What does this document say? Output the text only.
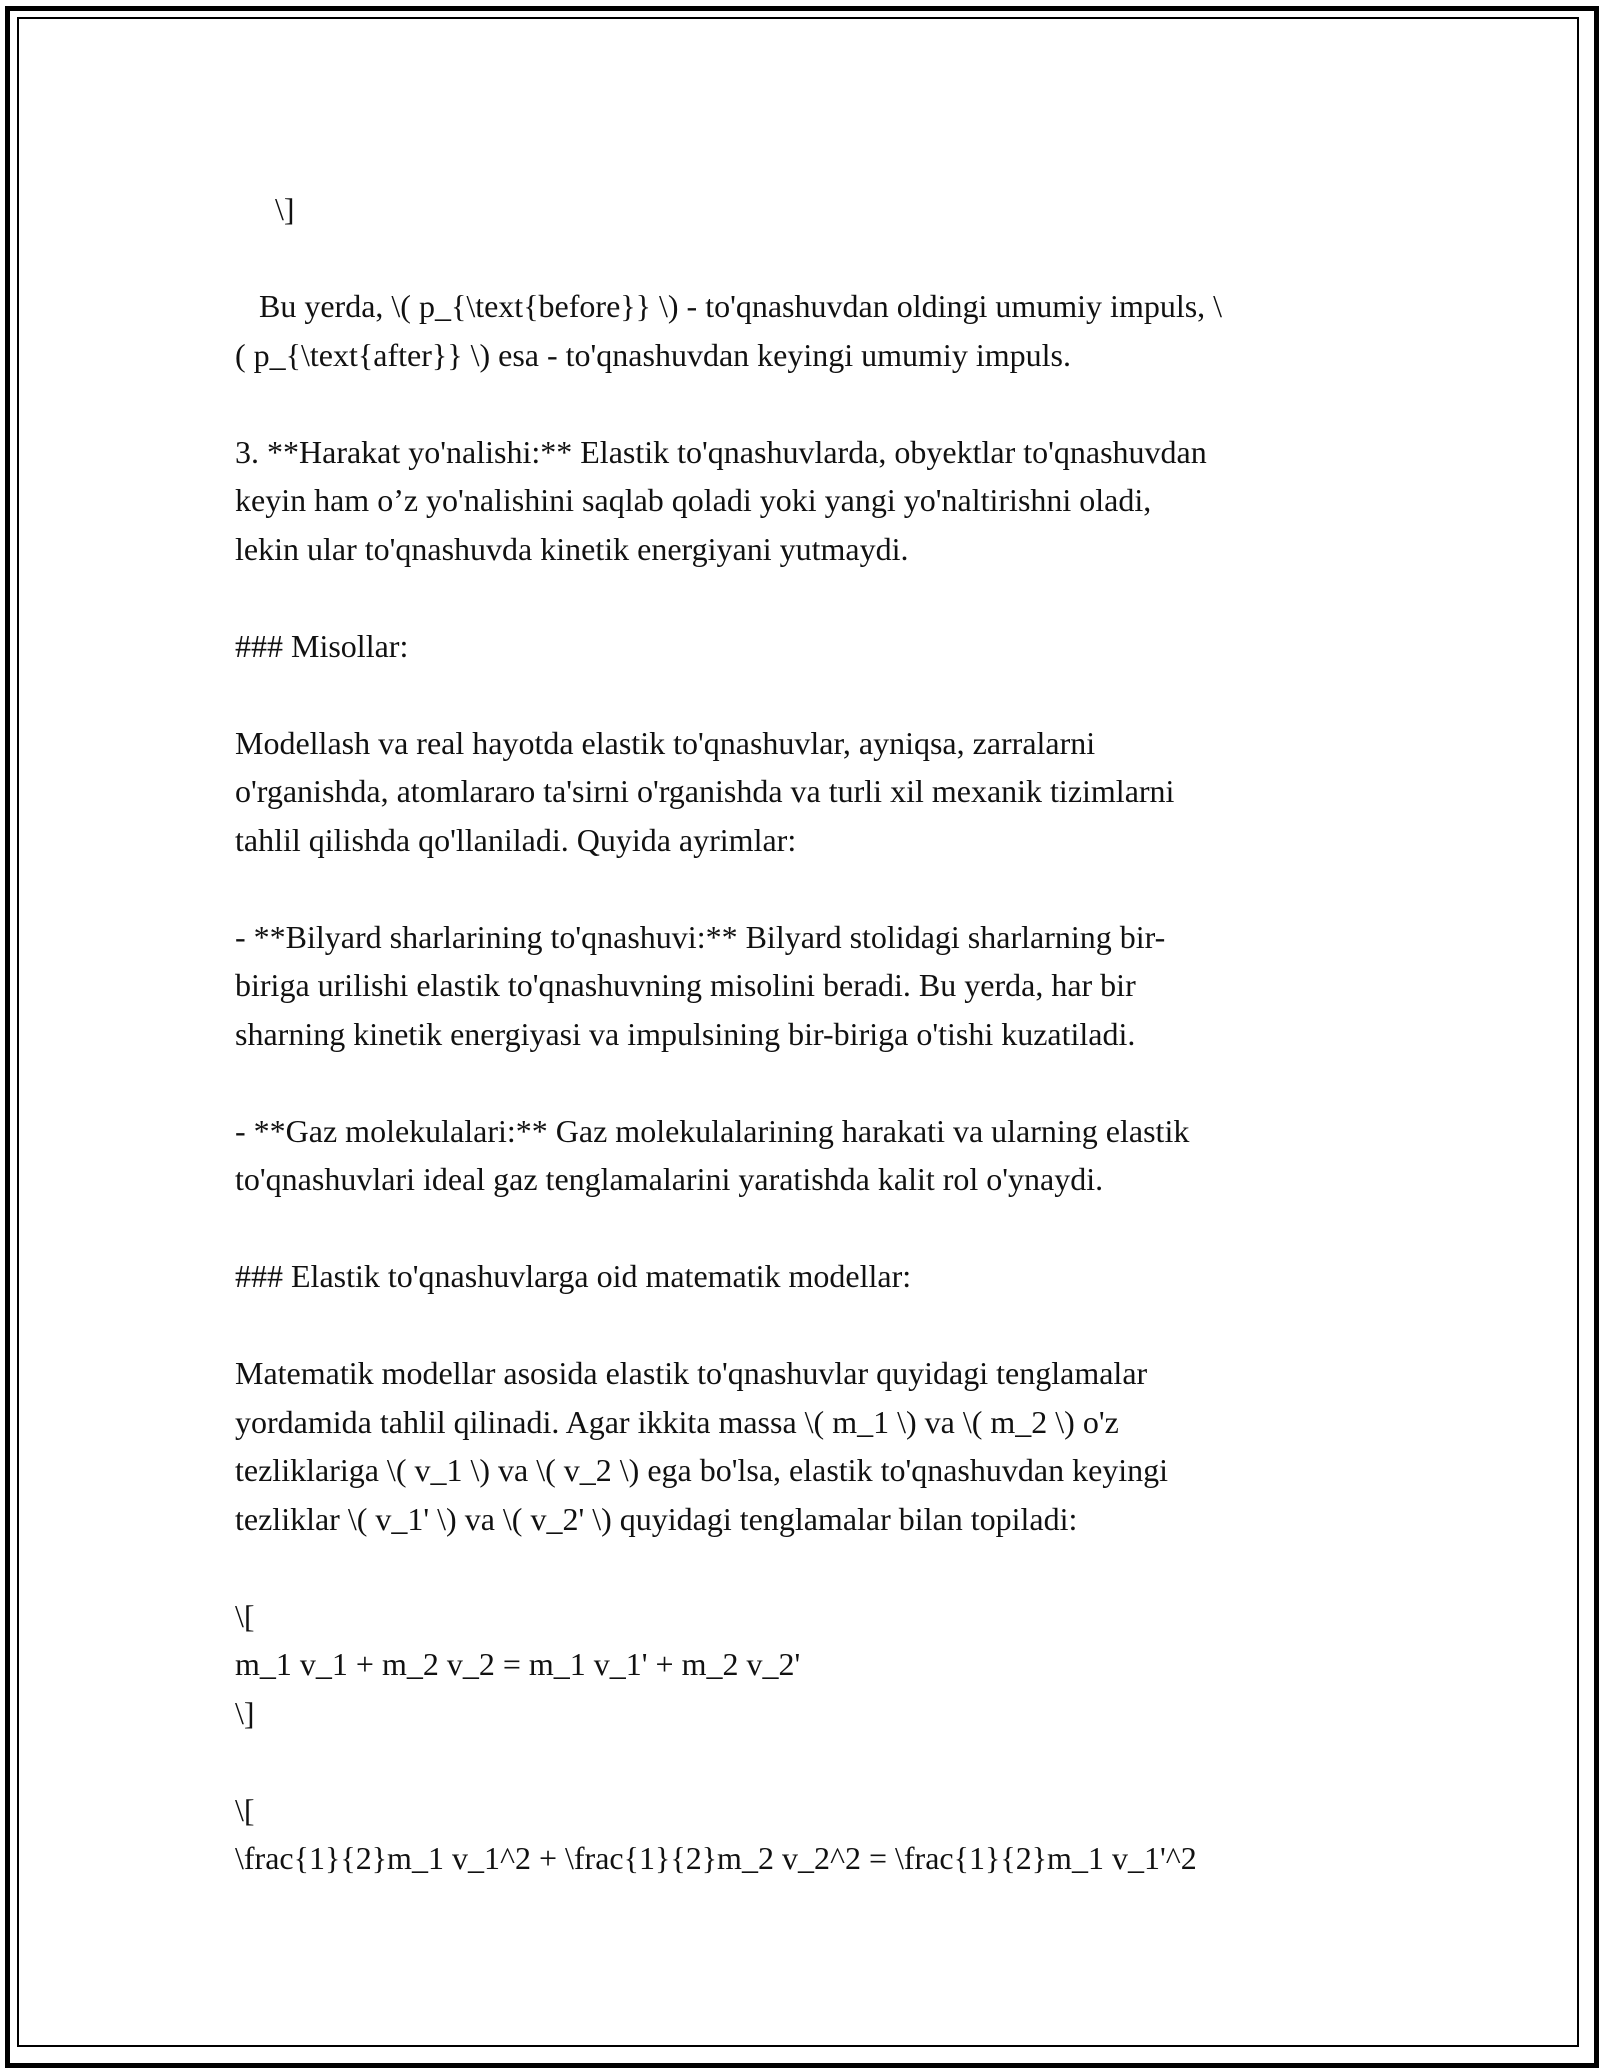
\]
Bu yerda, \( p_{\text{before}} \) - to'qnashuvdan oldingi umumiy impuls, \
( p_{\text{after}} \) esa - to'qnashuvdan keyingi umumiy impuls.
3. **Harakat yo'nalishi:** Elastik to'qnashuvlarda, obyektlar to'qnashuvdan
keyin ham o’z yo'nalishini saqlab qoladi yoki yangi yo'naltirishni oladi,
lekin ular to'qnashuvda kinetik energiyani yutmaydi.
### Misollar:
Modellash va real hayotda elastik to'qnashuvlar, ayniqsa, zarralarni
o'rganishda, atomlararo ta'sirni o'rganishda va turli xil mexanik tizimlarni
tahlil qilishda qo'llaniladi. Quyida ayrimlar:
- **Bilyard sharlarining to'qnashuvi:** Bilyard stolidagi sharlarning bir-
biriga urilishi elastik to'qnashuvning misolini beradi. Bu yerda, har bir
sharning kinetik energiyasi va impulsining bir-biriga o'tishi kuzatiladi.
- **Gaz molekulalari:** Gaz molekulalarining harakati va ularning elastik
to'qnashuvlari ideal gaz tenglamalarini yaratishda kalit rol o'ynaydi.
### Elastik to'qnashuvlarga oid matematik modellar:
Matematik modellar asosida elastik to'qnashuvlar quyidagi tenglamalar
yordamida tahlil qilinadi. Agar ikkita massa \( m_1 \) va \( m_2 \) o'z
tezliklariga \( v_1 \) va \( v_2 \) ega bo'lsa, elastik to'qnashuvdan keyingi
tezliklar \( v_1' \) va \( v_2' \) quyidagi tenglamalar bilan topiladi:
\[
m_1 v_1 + m_2 v_2 = m_1 v_1' + m_2 v_2'
\]
\[
\frac{1}{2}m_1 v_1^2 + \frac{1}{2}m_2 v_2^2 = \frac{1}{2}m_1 v_1'^2
